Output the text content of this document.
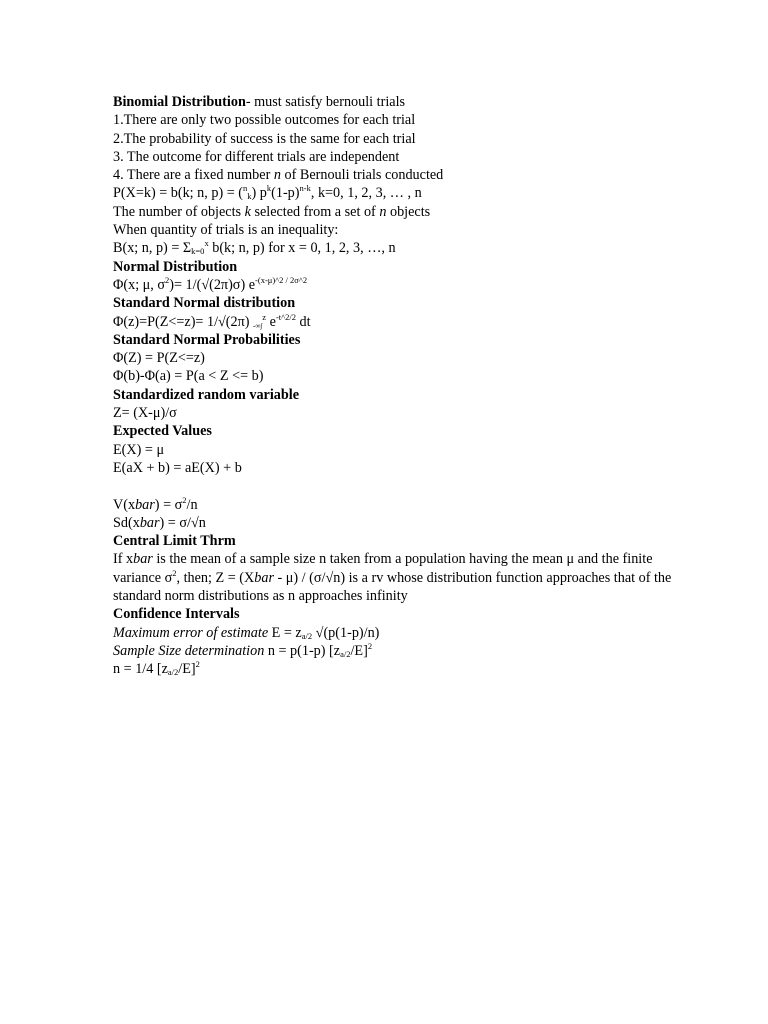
Binomial Distribution- must satisfy bernouli trials
1.There are only two possible outcomes for each trial
2.The probability of success is the same for each trial
3. The outcome for different trials are independent
4. There are a fixed number n of Bernouli trials conducted
P(X=k) = b(k; n, p) = ($^n_k$) $p^k(1-p)^{n-k}$, k=0, 1, 2, 3, … , n
The number of objects k selected from a set of n objects
When quantity of trials is an inequality:
B(x; n, $p) = \Sigma_{k=0}^x$ b(k; n, p) for x = 0, 1, 2, 3, …, n
Normal Distribution
Φ(x; μ, $\sigma^2)= 1/(√(2\pi)\sigma)$ $e^{-(x-\mu)\^{}2 / 2\sigma\^{}2}$
Standard Normal distribution
Φ(z)=P(Z<=z)= 1/√(2π) $_{-\infty\int}^z$ $e^{-t\^{}2/2}$ dt
Standard Normal Probabilities
Φ(Z) = P(Z<=z)
Φ(b)-Φ(a) = P(a < Z <= b)
Standardized random variable
Z= (X-μ)/σ
Expected Values
E(X) = μ
E(aX + b) = aE(X) + b
V(xbar) = $\sigma^2/n$
Sd(xbar) = σ/√n
Central Limit Thrm
If xbar is the mean of a sample size n taken from a population having the mean μ and the finite variance $\sigma^2$, then; Z = (Xbar - μ) / (σ/√n) is a rv whose distribution function approaches that of the standard norm distributions as n approaches infinity
Confidence Intervals
Maximum error of estimate $E = z_{a/2}$ √(p(1-p)/n)
Sample Size determination n = p(1-p) $[z_{a/2}/E]^2$
n = 1/4 $[z_{a/2}/E]^2$
